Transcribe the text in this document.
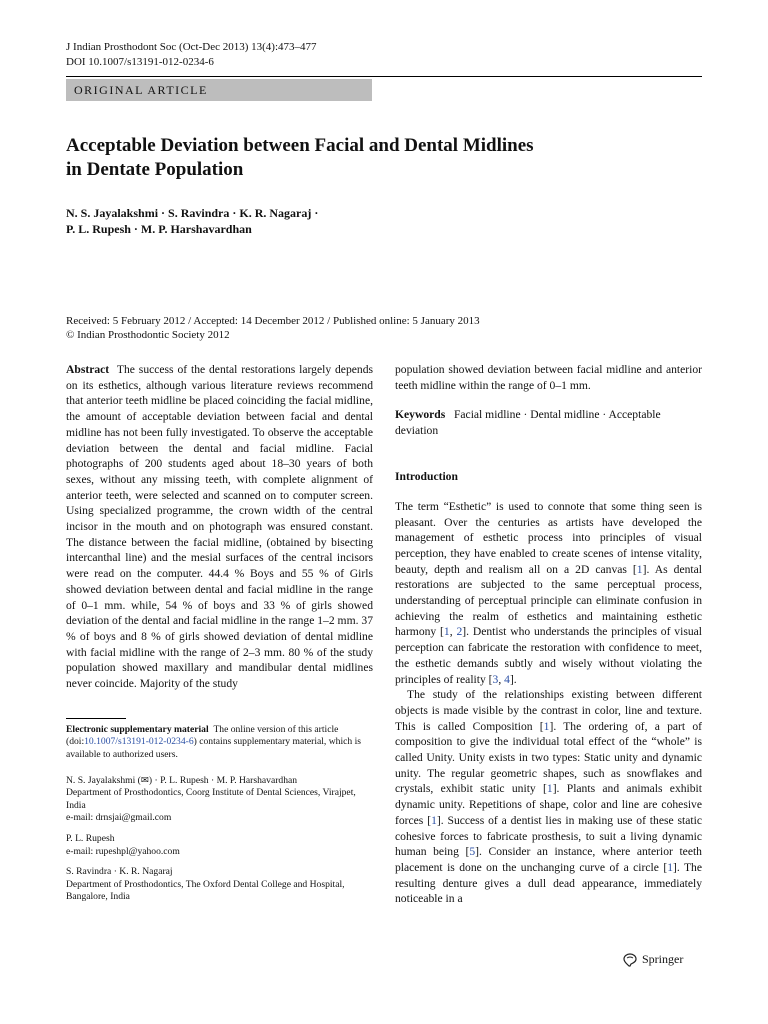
J Indian Prosthodont Soc (Oct-Dec 2013) 13(4):473–477
DOI 10.1007/s13191-012-0234-6
ORIGINAL ARTICLE
Acceptable Deviation between Facial and Dental Midlines
in Dentate Population
N. S. Jayalakshmi · S. Ravindra · K. R. Nagaraj ·
P. L. Rupesh · M. P. Harshavardhan
Received: 5 February 2012 / Accepted: 14 December 2012 / Published online: 5 January 2013
© Indian Prosthodontic Society 2012

Abstract The success of the dental restorations largely depends on its esthetics, although various literature reviews recommend that anterior teeth midline be placed coinciding the facial midline, the amount of acceptable deviation between facial and dental midline has not been fully investigated. To observe the acceptable deviation between the dental and facial midline. Facial photographs of 200 students aged about 18–30 years of both sexes, without any missing teeth, with complete alignment of anterior teeth, were selected and scanned on to computer screen. Using specialized programme, the crown width of the central incisor in the mouth and on photograph was ensured constant. The distance between the facial midline, (obtained by bisecting intercanthal line) and the mesial surfaces of the central incisors were read on the computer. 44.4 % Boys and 55 % of Girls showed deviation between dental and facial midline in the range of 0–1 mm. while, 54 % of boys and 33 % of girls showed deviation of the dental and facial midline in the range 1–2 mm. 37 % of boys and 8 % of girls showed deviation of dental midline with facial midline with the range of 2–3 mm. 80 % of the study population showed maxillary and mandibular dental midlines never coincide. Majority of the study

Electronic supplementary material The online version of this article (doi:10.1007/s13191-012-0234-6) contains supplementary material, which is available to authorized users.

N. S. Jayalakshmi (✉) · P. L. Rupesh · M. P. Harshavardhan
Department of Prosthodontics, Coorg Institute of Dental Sciences, Virajpet, India
e-mail: drnsjai@gmail.com

P. L. Rupesh
e-mail: rupeshpl@yahoo.com

S. Ravindra · K. R. Nagaraj
Department of Prosthodontics, The Oxford Dental College and Hospital, Bangalore, India

population showed deviation between facial midline and anterior teeth midline within the range of 0–1 mm.

Keywords Facial midline · Dental midline · Acceptable deviation

Introduction

The term “Esthetic” is used to connote that some thing seen is pleasant. Over the centuries as artists have developed the management of esthetic process into principles of visual perception, they have enabled to create scenes of intense vitality, beauty, depth and realism all on a 2D canvas [1]. As dental restorations are subjected to the same perceptual process, understanding of perceptual principle can eliminate confusion in achieving the realm of esthetics and maintaining esthetic harmony [1, 2]. Dentist who understands the principles of visual perception can fabricate the restoration with confidence to meet, the esthetic demands subtly and wisely without violating the principles of reality [3, 4].

The study of the relationships existing between different objects is made visible by the contrast in color, line and texture. This is called Composition [1]. The ordering of, a part of composition to give the individual total effect of the “whole” is called Unity. Unity exists in two types: Static unity and dynamic unity. The regular geometric shapes, such as snowflakes and crystals, exhibit static unity [1]. Plants and animals exhibit dynamic unity. Repetitions of shape, color and line are cohesive forces [1]. Success of a dentist lies in making use of these static cohesive forces to fabricate prosthesis, to suit a living dynamic human being [5]. Consider an instance, where anterior teeth placement is done on the unchanging curve of a circle [1]. The resulting denture gives a dull dead appearance, immediately noticeable in a

Springer
